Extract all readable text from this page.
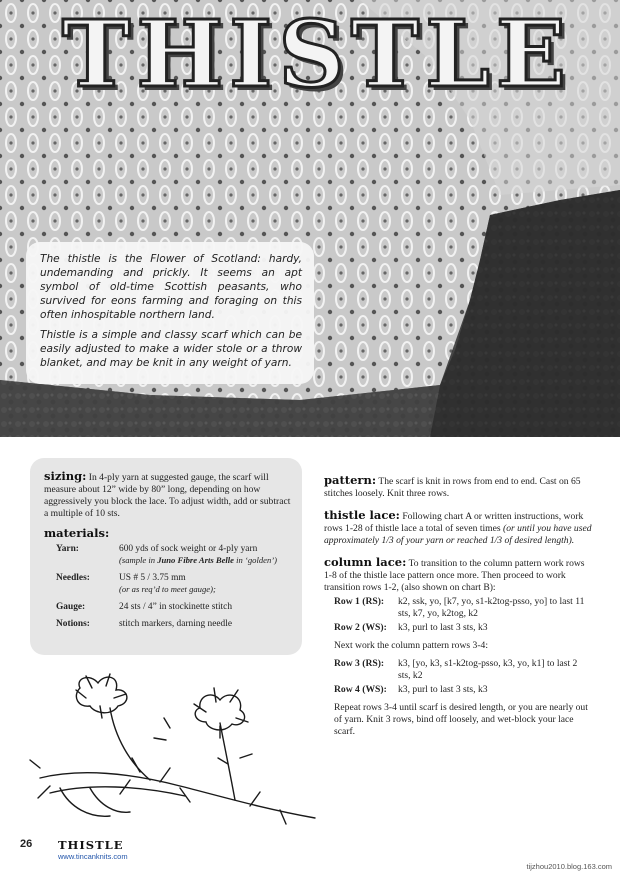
THISTLE

The thistle is the Flower of Scotland: hardy, undemanding and prickly. It seems an apt symbol of old-time Scottish peasants, who survived for eons farming and foraging on this often inhospitable northern land.

Thistle is a simple and classy scarf which can be easily adjusted to make a wider stole or a throw blanket, and may be knit in any weight of yarn.

sizing: In 4-ply yarn at suggested gauge, the scarf will measure about 12” wide by 80” long, depending on how aggressively you block the lace. To adjust width, add or subtract a multiple of 10 sts.
materials:
Yarn:	600 yds of sock weight or 4-ply yarn
(sample in Juno Fibre Arts Belle in ‘golden’)
Needles:	US # 5 / 3.75 mm
(or as req’d to meet gauge);
Gauge:	24 sts / 4” in stockinette stitch
Notions:	stitch markers, darning needle
pattern: The scarf is knit in rows from end to end. Cast on 65 stitches loosely. Knit three rows.
thistle lace: Following chart A or written instructions, work rows 1-28 of thistle lace a total of seven times (or until you have used approximately 1/3 of your yarn or reached 1/3 of desired length).
column lace: To transition to the column pattern work rows 1-8 of the thistle lace pattern once more. Then proceed to work transition rows 1-2, (also shown on chart B):
Row 1 (RS):	k2, ssk, yo, [k7, yo, s1-k2tog-psso, yo] to last 11 sts, k7, yo, k2tog, k2
Row 2 (WS):	k3, purl to last 3 sts, k3
Next work the column pattern rows 3-4:
Row 3 (RS):	k3, [yo, k3, s1-k2tog-psso, k3, yo, k1] to last 2 sts, k2
Row 4 (WS):	k3, purl to last 3 sts, k3
Repeat rows 3-4 until scarf is desired length, or you are nearly out of yarn. Knit 3 rows, bind off loosely, and wet-block your lace scarf.
26 THISTLE
www.tincanknits.com
tijzhou2010.blog.163.com
